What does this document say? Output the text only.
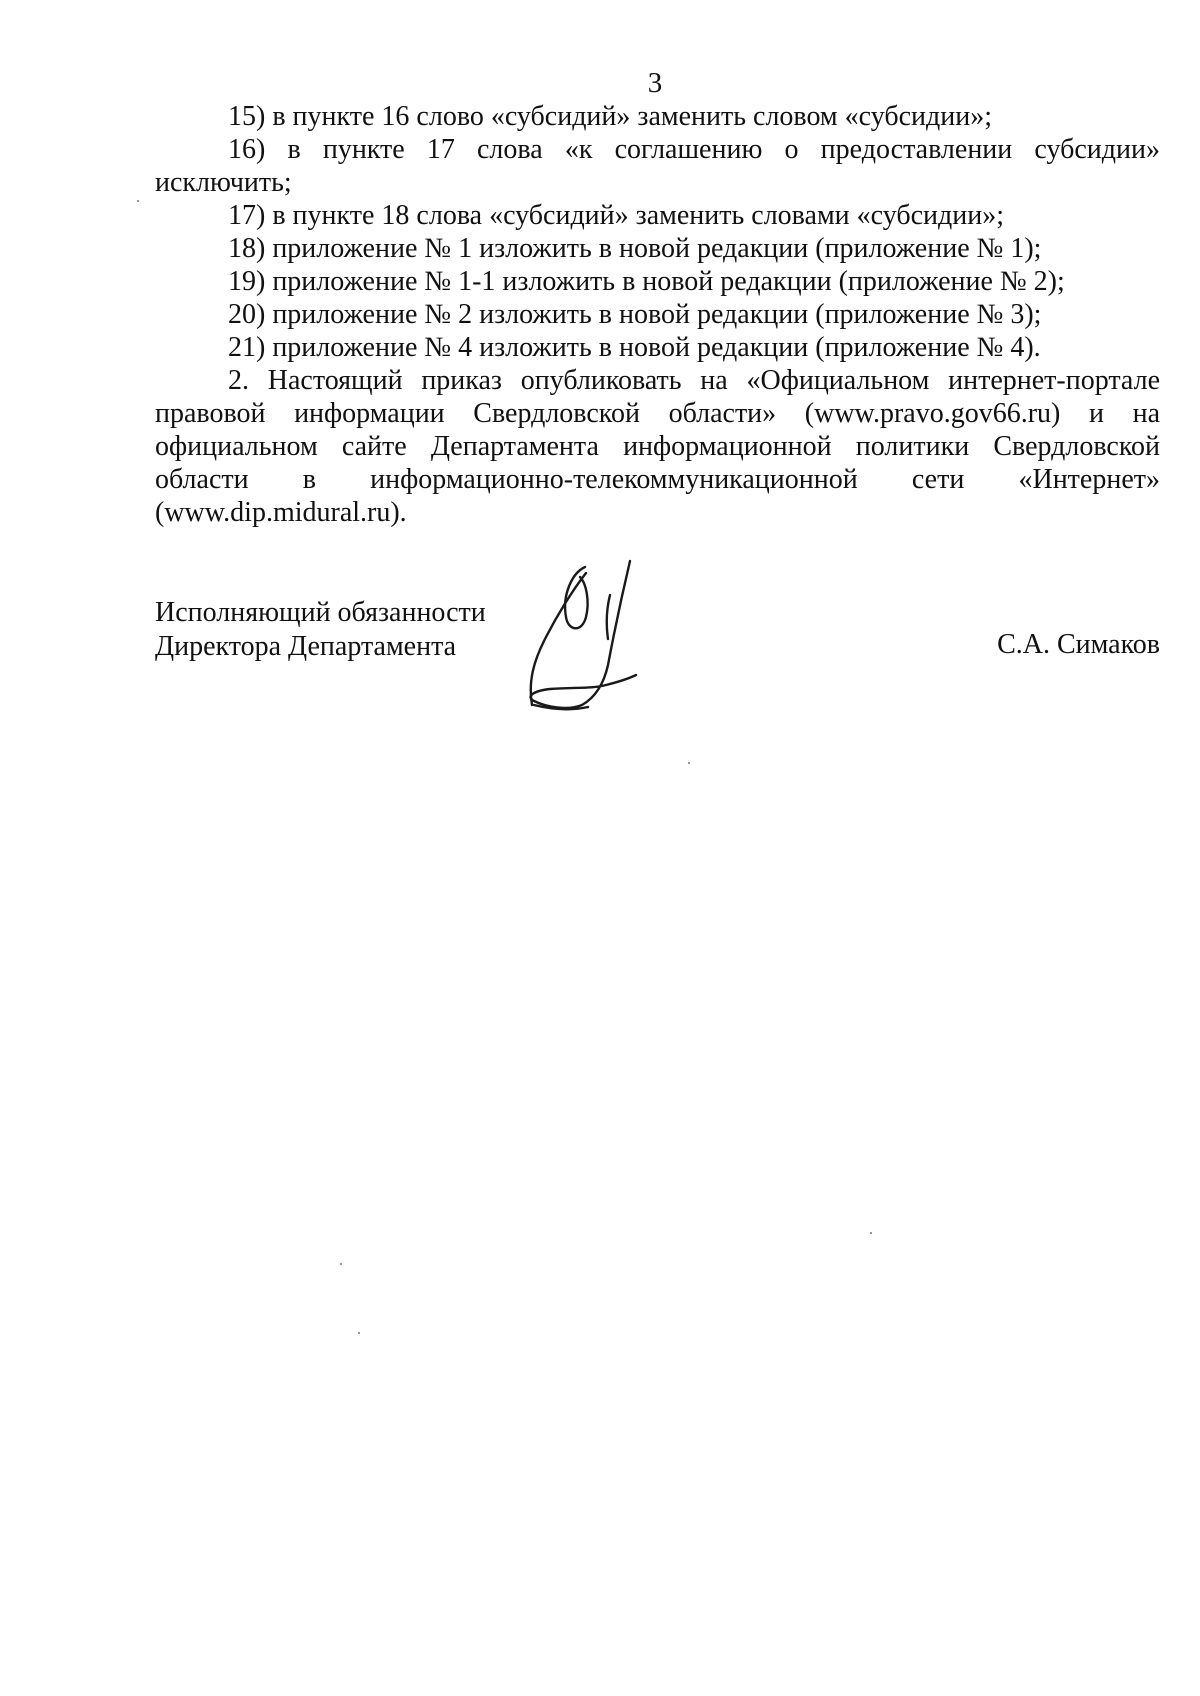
3

15) в пункте 16 слово «субсидий» заменить словом «субсидии»;

16) в пункте 17 слова «к соглашению о предоставлении субсидии» исключить;

17) в пункте 18 слова «субсидий» заменить словами «субсидии»;

18) приложение № 1 изложить в новой редакции (приложение № 1);

19) приложение № 1-1 изложить в новой редакции (приложение № 2);

20) приложение № 2 изложить в новой редакции (приложение № 3);

21) приложение № 4 изложить в новой редакции (приложение № 4).

2. Настоящий приказ опубликовать на «Официальном интернет-портале правовой информации Свердловской области» (www.pravo.gov66.ru) и на официальном сайте Департамента информационной политики Свердловской области в информационно-телекоммуникационной сети «Интернет» (www.dip.midural.ru).

Исполняющий обязанности
Директора Департамента	С.А. Симаков
